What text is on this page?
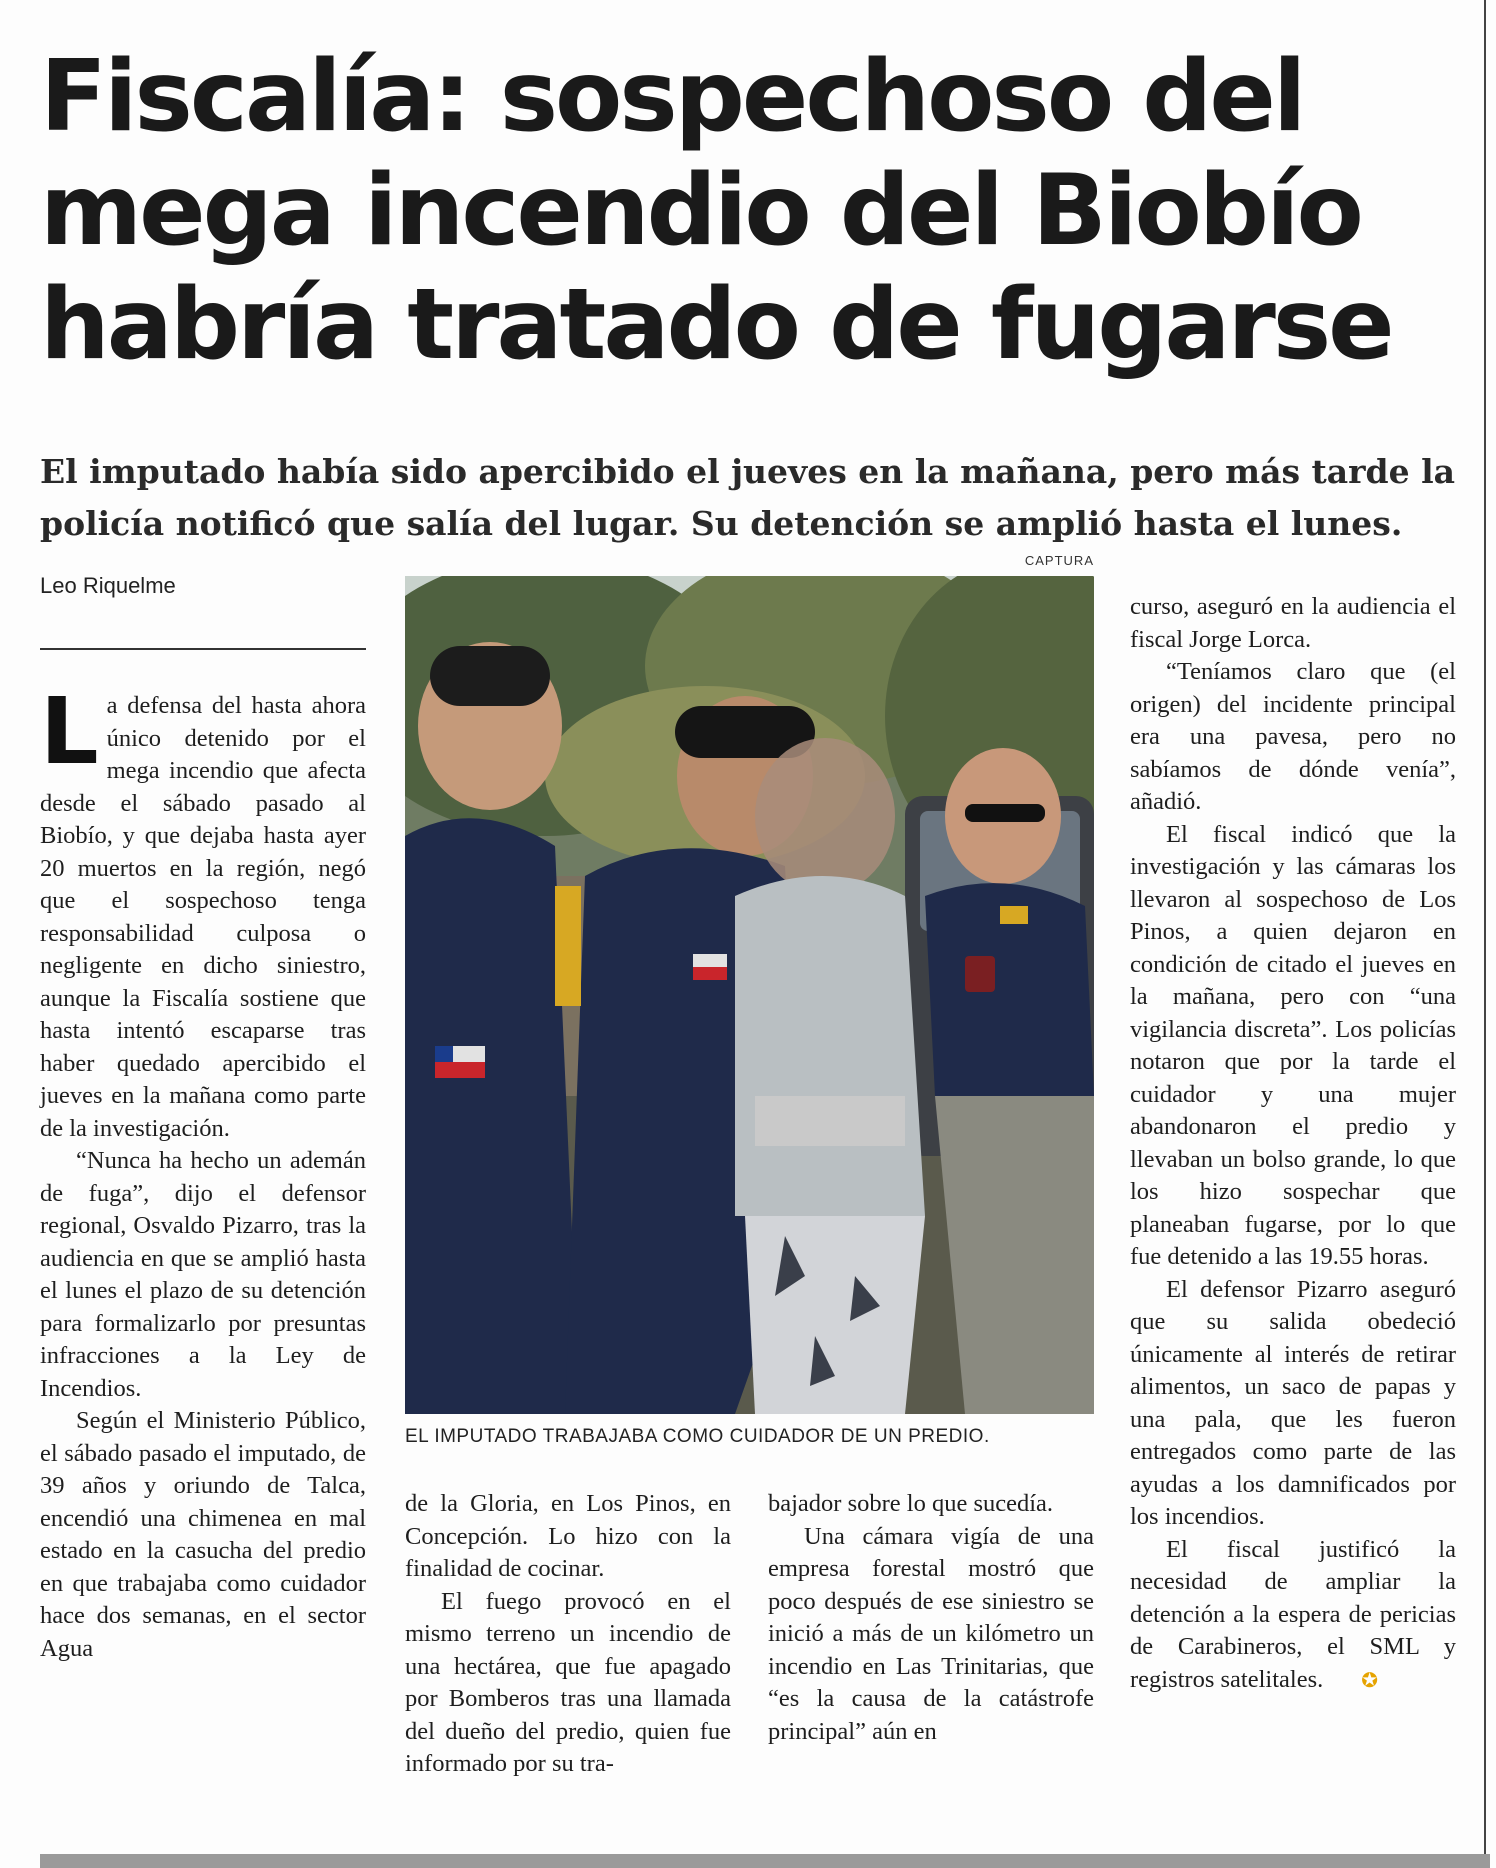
Fiscalía: sospechoso del mega incendio del Biobío habría tratado de fugarse
El imputado había sido apercibido el jueves en la mañana, pero más tarde la policía notificó que salía del lugar. Su detención se amplió hasta el lunes.
Leo Riquelme
CAPTURA
EL IMPUTADO TRABAJABA COMO CUIDADOR DE UN PREDIO.

La defensa del hasta ahora único detenido por el mega incendio que afecta desde el sábado pasado al Biobío, y que dejaba hasta ayer 20 muertos en la región, negó que el sospechoso tenga responsabilidad culposa o negligente en dicho siniestro, aunque la Fiscalía sostiene que hasta intentó escaparse tras haber quedado apercibido el jueves en la mañana como parte de la investigación.

“Nunca ha hecho un ademán de fuga”, dijo el defensor regional, Osvaldo Pizarro, tras la audiencia en que se amplió hasta el lunes el plazo de su detención para formalizarlo por presuntas infracciones a la Ley de Incendios.

Según el Ministerio Público, el sábado pasado el imputado, de 39 años y oriundo de Talca, encendió una chimenea en mal estado en la casucha del predio en que trabajaba como cuidador hace dos semanas, en el sector Agua

de la Gloria, en Los Pinos, en Concepción. Lo hizo con la finalidad de cocinar.

El fuego provocó en el mismo terreno un incendio de una hectárea, que fue apagado por Bomberos tras una llamada del dueño del predio, quien fue informado por su tra-

bajador sobre lo que sucedía.

Una cámara vigía de una empresa forestal mostró que poco después de ese siniestro se inició a más de un kilómetro un incendio en Las Trinitarias, que “es la causa de la catástrofe principal” aún en

curso, aseguró en la audiencia el fiscal Jorge Lorca.

“Teníamos claro que (el origen) del incidente principal era una pavesa, pero no sabíamos de dónde venía”, añadió.

El fiscal indicó que la investigación y las cámaras los llevaron al sospechoso de Los Pinos, a quien dejaron en condición de citado el jueves en la mañana, pero con “una vigilancia discreta”. Los policías notaron que por la tarde el cuidador y una mujer abandonaron el predio y llevaban un bolso grande, lo que los hizo sospechar que planeaban fugarse, por lo que fue detenido a las 19.55 horas.

El defensor Pizarro aseguró que su salida obedeció únicamente al interés de retirar alimentos, un saco de papas y una pala, que les fueron entregados como parte de las ayudas a los damnificados por los incendios.

El fiscal justificó la necesidad de ampliar la detención a la espera de pericias de Carabineros, el SML y registros satelitales. ✪
